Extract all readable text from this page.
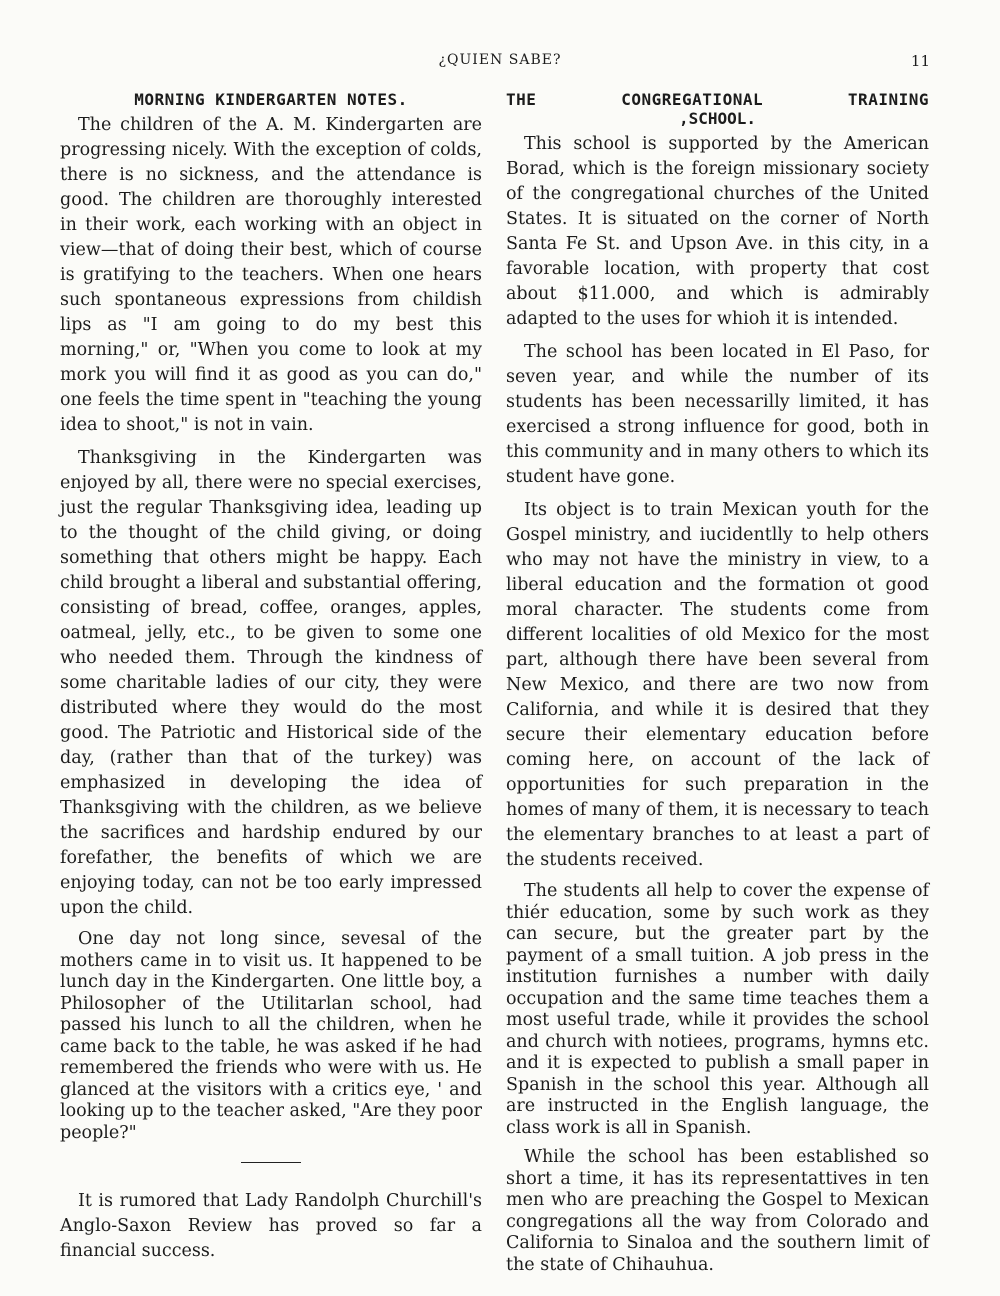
¿QUIEN SABE?	11
MORNING KINDERGARTEN NOTES.

The children of the A. M. Kindergarten are progressing nicely. With the exception of colds, there is no sickness, and the attendance is good. The children are thoroughly interested in their work, each working with an object in view—that of doing their best, which of course is gratifying to the teachers. When one hears such spontaneous expressions from childish lips as "I am going to do my best this morning," or, "When you come to look at my mork you will find it as good as you can do," one feels the time spent in "teaching the young idea to shoot," is not in vain.

Thanksgiving in the Kindergarten was enjoyed by all, there were no special exercises, just the regular Thanksgiving idea, leading up to the thought of the child giving, or doing something that others might be happy. Each child brought a liberal and substantial offering, consisting of bread, coffee, oranges, apples, oatmeal, jelly, etc., to be given to some one who needed them. Through the kindness of some charitable ladies of our city, they were distributed where they would do the most good. The Patriotic and Historical side of the day, (rather than that of the turkey) was emphasized in developing the idea of Thanksgiving with the children, as we believe the sacrifices and hardship endured by our forefather, the benefits of which we are enjoying today, can not be too early impressed upon the child.

One day not long since, sevesal of the mothers came in to visit us. It happened to be lunch day in the Kindergarten. One little boy, a Philosopher of the Utilitarlan school, had passed his lunch to all the children, when he came back to the table, he was asked if he had remembered the friends who were with us. He glanced at the visitors with a critics eye, ' and looking up to the teacher asked, "Are they poor people?"

It is rumored that Lady Randolph Churchill's Anglo-Saxon Review has proved so far a financial success.

THE	CONGREGATIONAL	TRAINING
,SCHOOL.

This school is supported by the American Borad, which is the foreign missionary society of the congregational churches of the United States. It is situated on the corner of North Santa Fe St. and Upson Ave. in this city, in a favorable location, with property that cost about $11.000, and which is admirably adapted to the uses for whioh it is intended.

The school has been located in El Paso, for seven year, and while the number of its students has been necessarilly limited, it has exercised a strong influence for good, both in this community and in many others to which its student have gone.

Its object is to train Mexican youth for the Gospel ministry, and iucidentlly to help others who may not have the ministry in view, to a liberal education and the formation ot good moral character. The students come from different localities of old Mexico for the most part, although there have been several from New Mexico, and there are two now from California, and while it is desired that they secure their elementary education before coming here, on account of the lack of opportunities for such preparation in the homes of many of them, it is necessary to teach the elementary branches to at least a part of the students received.

The students all help to cover the expense of thiér education, some by such work as they can secure, but the greater part by the payment of a small tuition. A job press in the institution furnishes a number with daily occupation and the same time teaches them a most useful trade, while it provides the school and church with notiees, programs, hymns etc. and it is expected to publish a small paper in Spanish in the school this year. Although all are instructed in the English language, the class work is all in Spanish.

While the school has been established so short a time, it has its representattives in ten men who are preaching the Gospel to Mexican congregations all the way from Colorado and California to Sinaloa and the southern limit of the state of Chihauhua.
